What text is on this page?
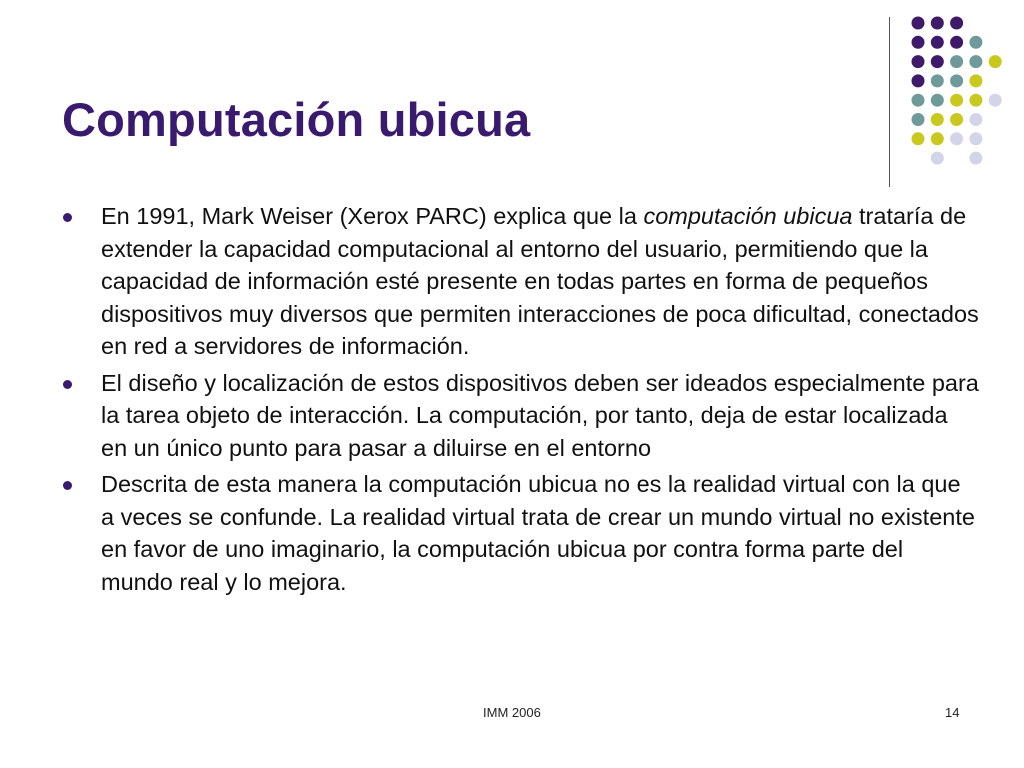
Computación ubicua
En 1991, Mark Weiser (Xerox PARC) explica que la computación ubicua trataría de extender la capacidad computacional al entorno del usuario, permitiendo que la capacidad de información esté presente en todas partes en forma de pequeños dispositivos muy diversos que permiten interacciones de poca dificultad, conectados en red a servidores de información.
El diseño y localización de estos dispositivos deben ser ideados especialmente para la tarea objeto de interacción. La computación, por tanto, deja de estar localizada en un único punto para pasar a diluirse en el entorno
Descrita de esta manera la computación ubicua no es la realidad virtual con la que a veces se confunde. La realidad virtual trata de crear un mundo virtual no existente en favor de uno imaginario, la computación ubicua por contra forma parte del mundo real y lo mejora.
IMM 2006	14
